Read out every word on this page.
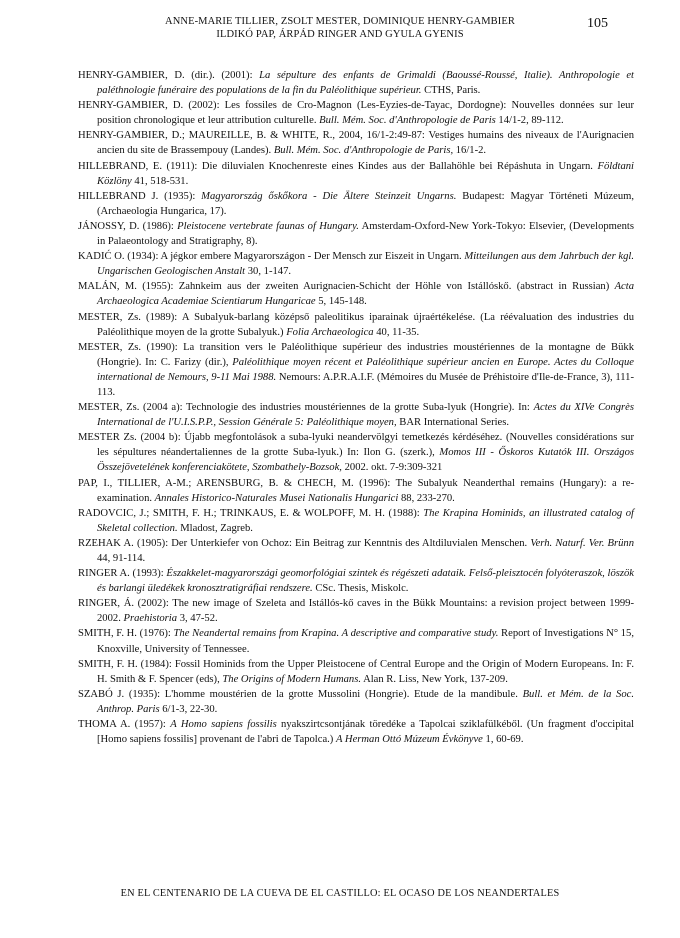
ANNE-MARIE TILLIER, ZSOLT MESTER, DOMINIQUE HENRY-GAMBIER
ILDIKÓ PAP, ÁRPÁD RINGER AND GYULA GYENIS
105

HENRY-GAMBIER, D. (dir.). (2001): La sépulture des enfants de Grimaldi (Baoussé-Roussé, Italie). Anthropologie et paléthnologie funéraire des populations de la fin du Paléolithique supérieur. CTHS, Paris.

HENRY-GAMBIER, D. (2002): Les fossiles de Cro-Magnon (Les-Eyzies-de-Tayac, Dordogne): Nouvelles données sur leur position chronologique et leur attribution culturelle. Bull. Mém. Soc. d'Anthropologie de Paris 14/1-2, 89-112.

HENRY-GAMBIER, D.; MAUREILLE, B. & WHITE, R., 2004, 16/1-2:49-87: Vestiges humains des niveaux de l'Aurignacien ancien du site de Brassempouy (Landes). Bull. Mém. Soc. d'Anthropologie de Paris, 16/1-2.

HILLEBRAND, E. (1911): Die diluvialen Knochenreste eines Kindes aus der Ballahöhle bei Répáshuta in Ungarn. Földtani Közlöny 41, 518-531.

HILLEBRAND J. (1935): Magyarország őskőkora - Die Ältere Steinzeit Ungarns. Budapest: Magyar Történeti Múzeum, (Archaeologia Hungarica, 17).

JÁNOSSY, D. (1986): Pleistocene vertebrate faunas of Hungary. Amsterdam-Oxford-New York-Tokyo: Elsevier, (Developments in Palaeontology and Stratigraphy, 8).

KADIĆ O. (1934): A jégkor embere Magyarországon - Der Mensch zur Eiszeit in Ungarn. Mitteilungen aus dem Jahrbuch der kgl. Ungarischen Geologischen Anstalt 30, 1-147.

MALÁN, M. (1955): Zahnkeim aus der zweiten Aurignacien-Schicht der Höhle von Istállóskő. (abstract in Russian) Acta Archaeologica Academiae Scientiarum Hungaricae 5, 145-148.

MESTER, Zs. (1989): A Subalyuk-barlang középső paleolitikus iparainak újraértékelése. (La réévaluation des industries du Paléolithique moyen de la grotte Subalyuk.) Folia Archaeologica 40, 11-35.

MESTER, Zs. (1990): La transition vers le Paléolithique supérieur des industries moustériennes de la montagne de Bükk (Hongrie). In: C. Farizy (dir.), Paléolithique moyen récent et Paléolithique supérieur ancien en Europe. Actes du Colloque international de Nemours, 9-11 Mai 1988. Nemours: A.P.R.A.I.F. (Mémoires du Musée de Préhistoire d'Ile-de-France, 3), 111-113.

MESTER, Zs. (2004 a): Technologie des industries moustériennes de la grotte Suba-lyuk (Hongrie). In: Actes du XIVe Congrès International de l'U.I.S.P.P., Session Générale 5: Paléolithique moyen, BAR International Series.

MESTER Zs. (2004 b): Újabb megfontolások a suba-lyuki neandervölgyi temetkezés kérdéséhez. (Nouvelles considérations sur les sépultures néandertaliennes de la grotte Suba-lyuk.) In: Ilon G. (szerk.), Momos III - Őskoros Kutatók III. Országos Összejövetelének konferenciakötete, Szombathely-Bozsok, 2002. okt. 7-9:309-321

PAP, I., TILLIER, A-M.; ARENSBURG, B. & CHECH, M. (1996): The Subalyuk Neanderthal remains (Hungary): a re-examination. Annales Historico-Naturales Musei Nationalis Hungarici 88, 233-270.

RADOVCIC, J.; SMITH, F. H.; TRINKAUS, E. & WOLPOFF, M. H. (1988): The Krapina Hominids, an illustrated catalog of Skeletal collection. Mladost, Zagreb.

RZEHAK A. (1905): Der Unterkiefer von Ochoz: Ein Beitrag zur Kenntnis des Altdiluvialen Menschen. Verh. Naturf. Ver. Brünn 44, 91-114.

RINGER A. (1993): Északkelet-magyarországi geomorfológiai szintek és régészeti adataik. Felső-pleisztocén folyóteraszok, löszök és barlangi üledékek kronosztratigráfiai rendszere. CSc. Thesis, Miskolc.

RINGER, Á. (2002): The new image of Szeleta and Istállós-kő caves in the Bükk Mountains: a revision project between 1999-2002. Praehistoria 3, 47-52.

SMITH, F. H. (1976): The Neandertal remains from Krapina. A descriptive and comparative study. Report of Investigations N° 15, Knoxville, University of Tennessee.

SMITH, F. H. (1984): Fossil Hominids from the Upper Pleistocene of Central Europe and the Origin of Modern Europeans. In: F. H. Smith & F. Spencer (eds), The Origins of Modern Humans. Alan R. Liss, New York, 137-209.

SZABÓ J. (1935): L'homme moustérien de la grotte Mussolini (Hongrie). Etude de la mandibule. Bull. et Mém. de la Soc. Anthrop. Paris 6/1-3, 22-30.

THOMA A. (1957): A Homo sapiens fossilis nyakszirtcsontjának töredéke a Tapolcai sziklafülkéből. (Un fragment d'occipital [Homo sapiens fossilis] provenant de l'abri de Tapolca.) A Herman Ottó Múzeum Évkönyve 1, 60-69.

EN EL CENTENARIO DE LA CUEVA DE EL CASTILLO: EL OCASO DE LOS NEANDERTALES
